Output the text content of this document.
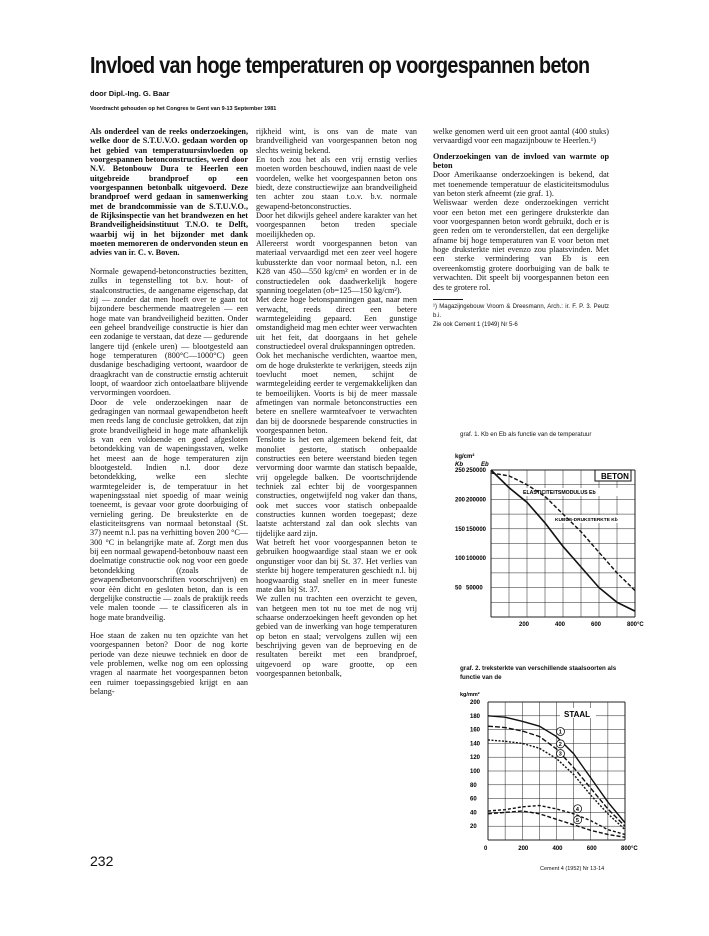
Invloed van hoge temperaturen op voorgespannen beton
door Dipl.-Ing. G. Baar
Voordracht gehouden op het Congres te Gent van 9-13 September 1981

Als onderdeel van de reeks onderzoekingen, welke door de S.T.U.V.O. gedaan worden op het gebied van temperatuursinvloeden op voorgespannen betonconstructies, werd door N.V. Betonbouw Dura te Heerlen een uitgebreide brandproef op een voorgespannen betonbalk uitgevoerd. Deze brandproef werd gedaan in samenwerking met de brandcommissie van de S.T.U.V.O., de Rijksinspectie van het brandwezen en het Brandveiligheidsinstituut T.N.O. te Delft, waarbij wij in het bijzonder met dank moeten memoreren de ondervonden steun en advies van ir. C. v. Boven.

Normale gewapend-betonconstructies bezitten, zulks in tegenstelling tot b.v. hout- of staalconstructies, de aangename eigenschap, dat zij — zonder dat men hoeft over te gaan tot bijzondere beschermende maatregelen — een hoge mate van brandveiligheid bezitten. Onder een geheel brandveilige constructie is hier dan een zodanige te verstaan, dat deze — gedurende langere tijd (enkele uren) — blootgesteld aan hoge temperaturen (800°C—1000°C) geen dusdanige beschadiging vertoont, waardoor de draagkracht van de constructie ernstig achteruit loopt, of waardoor zich ontoelaatbare blijvende vervormingen voordoen.

Door de vele onderzoekingen naar de gedragingen van normaal gewapendbeton heeft men reeds lang de conclusie getrokken, dat zijn grote brandveiligheid in hoge mate afhankelijk is van een voldoende en goed afgesloten betondekking van de wapeningsstaven, welke het meest aan de hoge temperaturen zijn blootgesteld. Indien n.l. door deze betondekking, welke een slechte warmtegeleider is, de temperatuur in het wapeningsstaal niet spoedig of maar weinig toeneemt, is gevaar voor grote doorbuiging of vernieling gering. De breuksterkte en de elasticiteitsgrens van normaal betonstaal (St. 37) neemt n.l. pas na verhitting boven 200 °C—300 °C in belangrijke mate af. Zorgt men dus bij een normaal gewapend-betonbouw naast een doelmatige constructie ook nog voor een goede betondekking ((zoals de gewapendbetonvoorschriften voorschrijven) en voor èèn dicht en gesloten beton, dan is een dergelijke constructie — zoals de praktijk reeds vele malen toonde — te classificeren als in hoge mate brandveilig.

Hoe staan de zaken nu ten opzichte van het voorgespannen beton? Door de nog korte periode van deze nieuwe techniek en door de vele problemen, welke nog om een oplossing vragen al naarmate het voorgespannen beton een ruimer toepassingsgebied krijgt en aan belang-

rijkheid wint, is ons van de mate van brandveiligheid van voorgespannen beton nog slechts weinig bekend.

En toch zou het als een vrij ernstig verlies moeten worden beschouwd, indien naast de vele voordelen, welke het voorgespannen beton ons biedt, deze constructiewijze aan brandveiligheid ten achter zou staan t.o.v. b.v. normale gewapend-betonconstructies.

Door het dikwijls geheel andere karakter van het voorgespannen beton treden speciale moeilijkheden op.

Allereerst wordt voorgespannen beton van materiaal vervaardigd met een zeer veel hogere kubussterkte dan voor normaal beton, n.l. een K28 van 450—550 kg/cm² en worden er in de constructiedelen ook daadwerkelijk hogere spanning toegelaten (σb=125—150 kg/cm²).

Met deze hoge betonspanningen gaat, naar men verwacht, reeds direct een betere warmtegeleiding gepaard. Een gunstige omstandigheid mag men echter weer verwachten uit het feit, dat doorgaans in het gehele constructiedeel overal drukspanningen optreden.

Ook het mechanische verdichten, waartoe men, om de hoge druksterkte te verkrijgen, steeds zijn toevlucht moet nemen, schijnt de warmtegeleiding eerder te vergemakkelijken dan te bemoeilijken. Voorts is bij de meer massale afmetingen van normale betonconstructies een betere en snellere warmteafvoer te verwachten dan bij de doorsnede besparende constructies in voorgespannen beton.

Tenslotte is het een algemeen bekend feit, dat monoliet gestorte, statisch onbepaalde constructies een betere weerstand bieden tegen vervorming door warmte dan statisch bepaalde, vrij opgelegde balken. De voortschrijdende techniek zal echter bij de voorgespannen constructies, ongetwijfeld nog vaker dan thans, ook met succes voor statisch onbepaalde constructies kunnen worden toegepast; deze laatste achterstand zal dan ook slechts van tijdelijke aard zijn.

Wat betreft het voor voorgespannen beton te gebruiken hoogwaardige staal staan we er ook ongunstiger voor dan bij St. 37. Het verlies van sterkte bij hogere temperaturen geschiedt n.l. bij hoogwaardig staal sneller en in meer funeste mate dan bij St. 37.

We zullen nu trachten een overzicht te geven, van hetgeen men tot nu toe met de nog vrij schaarse onderzoekingen heeft gevonden op het gebied van de inwerking van hoge temperaturen op beton en staal; vervolgens zullen wij een beschrijving geven van de beproeving en de resultaten bereikt met een brandproef, uitgevoerd op ware grootte, op een voorgespannen betonbalk,

welke genomen werd uit een groot aantal (400 stuks) vervaardigd voor een magazijnbouw te Heerlen.¹)

Onderzoekingen van de invloed van warmte op beton

Door Amerikaanse onderzoekingen is bekend, dat met toenemende temperatuur de elasticiteitsmodulus van beton sterk afneemt (zie graf. 1).

Weliswaar werden deze onderzoekingen verricht voor een beton met een geringere druksterkte dan voor voorgespannen beton wordt gebruikt, doch er is geen reden om te veronderstellen, dat een dergelijke afname bij hoge temperaturen van E voor beton met hoge druksterkte niet evenzo zou plaatsvinden. Met een sterke vermindering van Eb is een overeenkomstig grotere doorbuiging van de balk te verwachten. Dit speelt bij voorgespannen beton een des te grotere rol.

¹) Magazijngebouw Vroom & Dreesmann, Arch.: ir. F. P. 3. Peutz b.i.

Zie ook Cement 1 (1949) Nr 5-6

graf. 1. Kb en Eb als functie van de temperatuur
kg/cm²
Kb	Eb
250
200
150
100
50
250000
200000
150000
100000
50000
200	400	600	800°C
BETON
ELASTICITEITSMODULUS Eb
KUBUS-DRUKSTERKTE Kb
graf. 2. treksterkte van verschillende staalsoorten als functie van de
kg/mm²
200
180
160
140
120
100
80
60
40
20
0	200	400	600	800°C
STAAL
1
2
3
4
5
232	Cement 4 (1952) Nr 13-14
